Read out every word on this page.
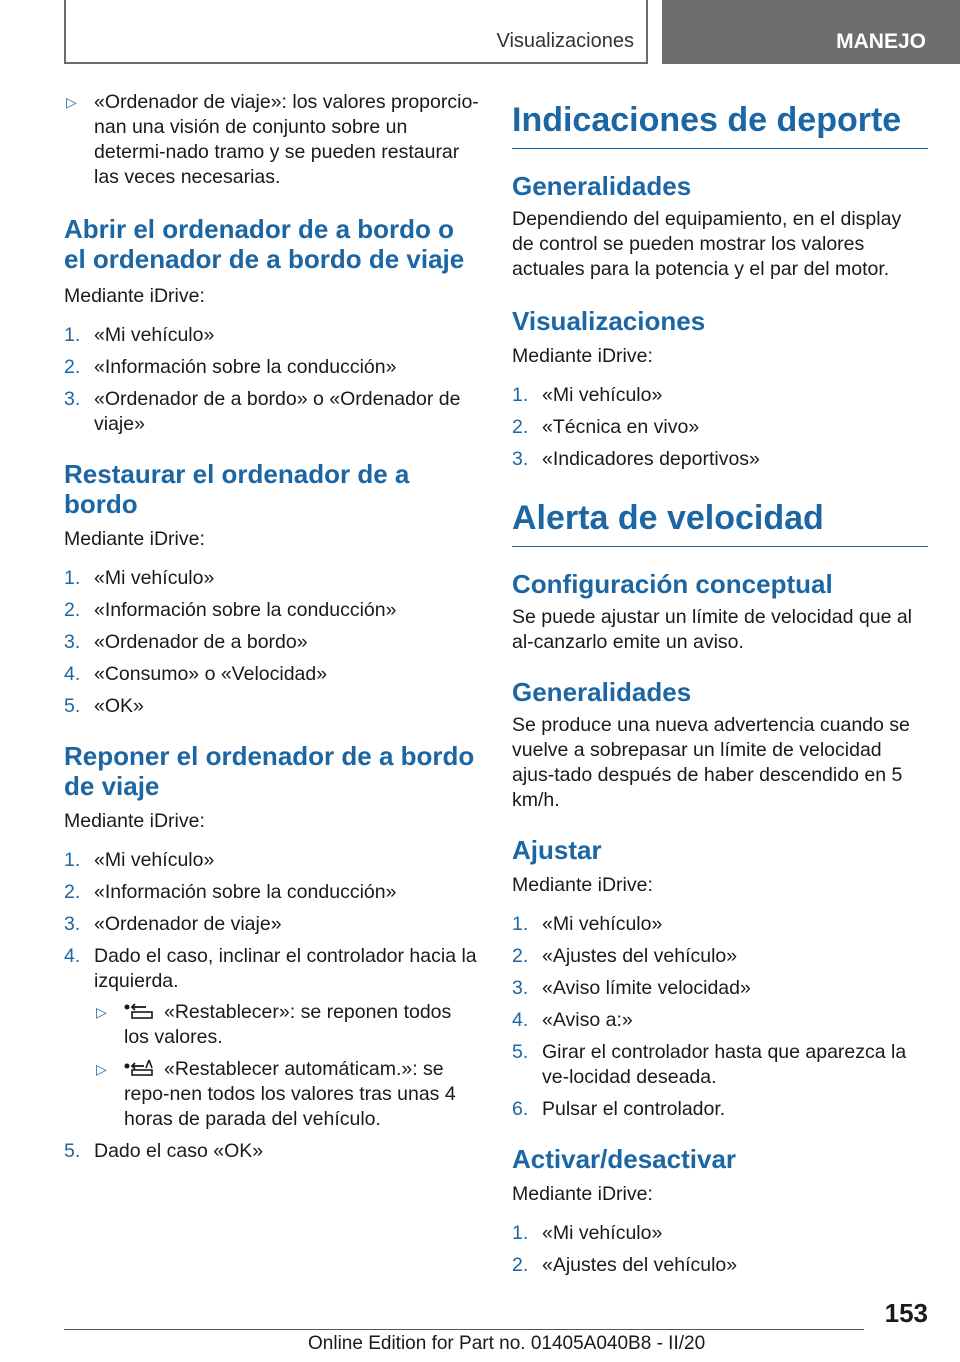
Visualizaciones	MANEJO
▷ «Ordenador de viaje»: los valores proporcio-nan una visión de conjunto sobre un determi-nado tramo y se pueden restaurar las veces necesarias.
Abrir el ordenador de a bordo o el ordenador de a bordo de viaje

Mediante iDrive:

1. «Mi vehículo»
2. «Información sobre la conducción»
3. «Ordenador de a bordo» o «Ordenador de viaje»
Restaurar el ordenador de a bordo

Mediante iDrive:

1. «Mi vehículo»
2. «Información sobre la conducción»
3. «Ordenador de a bordo»
4. «Consumo» o «Velocidad»
5. «OK»
Reponer el ordenador de a bordo de viaje

Mediante iDrive:

1. «Mi vehículo»
2. «Información sobre la conducción»
3. «Ordenador de viaje»
4. Dado el caso, inclinar el controlador hacia la izquierda.
▷	«Restablecer»: se reponen todos los valores.
▷	«Restablecer automáticam.»: se repo-nen todos los valores tras unas 4 horas de parada del vehículo.
5. Dado el caso «OK»
Indicaciones de deporte
Generalidades

Dependiendo del equipamiento, en el display de control se pueden mostrar los valores actuales para la potencia y el par del motor.

Visualizaciones

Mediante iDrive:

1. «Mi vehículo»
2. «Técnica en vivo»
3. «Indicadores deportivos»
Alerta de velocidad
Configuración conceptual

Se puede ajustar un límite de velocidad que al al-canzarlo emite un aviso.

Generalidades

Se produce una nueva advertencia cuando se vuelve a sobrepasar un límite de velocidad ajus-tado después de haber descendido en 5 km/h.

Ajustar

Mediante iDrive:

1. «Mi vehículo»
2. «Ajustes del vehículo»
3. «Aviso límite velocidad»
4. «Aviso a:»
5. Girar el controlador hasta que aparezca la ve-locidad deseada.
6. Pulsar el controlador.
Activar/desactivar

Mediante iDrive:

1. «Mi vehículo»
2. «Ajustes del vehículo»
153
Online Edition for Part no. 01405A040B8 - II/20
